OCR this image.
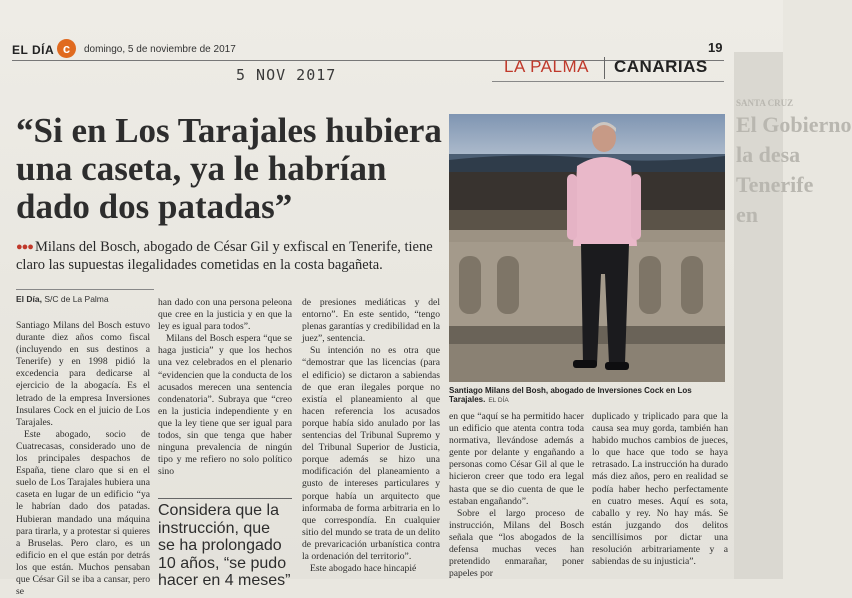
SANTA CRUZ
El Gobierno
la desa
Tenerife
en
EL DÍA c	domingo, 5 de noviembre de 2017	19
5 NOV 2017	LA PALMA CANARIAS
“Si en Los Tarajales hubiera una caseta, ya le habrían dado dos patadas”

●●● Milans del Bosch, abogado de César Gil y exfiscal en Tenerife, tiene claro las supuestas ilegalidades cometidas en la costa bagañeta.

El Día, S/C de La Palma

Santiago Milans del Bosch estuvo durante diez años como fiscal (incluyendo en sus destinos a Tenerife) y en 1998 pidió la excedencia para dedicarse al ejercicio de la abogacía. Es el letrado de la empresa Inversiones Insulares Cock en el juicio de Los Tarajales.

Este abogado, socio de Cuatrecasas, considerado uno de los principales despachos de España, tiene claro que si en el suelo de Los Tarajales hubiera una caseta en lugar de un edificio “ya le habrían dado dos patadas. Hubieran mandado una máquina para tirarla, y a protestar si quieres a Bruselas. Pero claro, es un edificio en el que están por detrás los que están. Muchos pensaban que César Gil se iba a cansar, pero se

han dado con una persona peleona que cree en la justicia y en que la ley es igual para todos”.

Milans del Bosch espera “que se haga justicia” y que los hechos una vez celebrados en el plenario “evidencien que la conducta de los acusados merecen una sentencia condenatoria”. Subraya que “creo en la justicia independiente y en que la ley tiene que ser igual para todos, sin que tenga que haber ninguna prevalencia de ningún tipo y me refiero no solo político sino

Considera que la instrucción, que se ha prolongado 10 años, “se pudo hacer en 4 meses”

de presiones mediáticas y del entorno”. En este sentido, “tengo plenas garantías y credibilidad en la juez”, sentencia.

Su intención no es otra que “demostrar que las licencias (para el edificio) se dictaron a sabiendas de que eran ilegales porque no existía el planeamiento al que hacen referencia los acusados porque había sido anulado por las sentencias del Tribunal Supremo y del Tribunal Superior de Justicia, porque además se hizo una modificación del planeamiento a gusto de intereses particulares y porque había un arquitecto que informaba de forma arbitraria en lo que correspondía. En cualquier sitio del mundo se trata de un delito de prevaricación urbanística contra la ordenación del territorio”.

Este abogado hace hincapié

Santiago Milans del Bosh, abogado de Inversiones Cock en Los Tarajales. EL DÍA

en que “aquí se ha permitido hacer un edificio que atenta contra toda normativa, llevándose además a gente por delante y engañando a personas como César Gil al que le hicieron creer que todo era legal hasta que se dio cuenta de que le estaban engañando”.

Sobre el largo proceso de instrucción, Milans del Bosch señala que “los abogados de la defensa muchas veces han pretendido enmarañar, poner papeles por

duplicado y triplicado para que la causa sea muy gorda, también han habido muchos cambios de jueces, lo que hace que todo se haya retrasado. La instrucción ha durado más diez años, pero en realidad se podía haber hecho perfectamente en cuatro meses. Aquí es sota, caballo y rey. No hay más. Se están juzgando dos delitos sencillísimos por dictar una resolución arbitrariamente y a sabiendas de su injusticia”.
